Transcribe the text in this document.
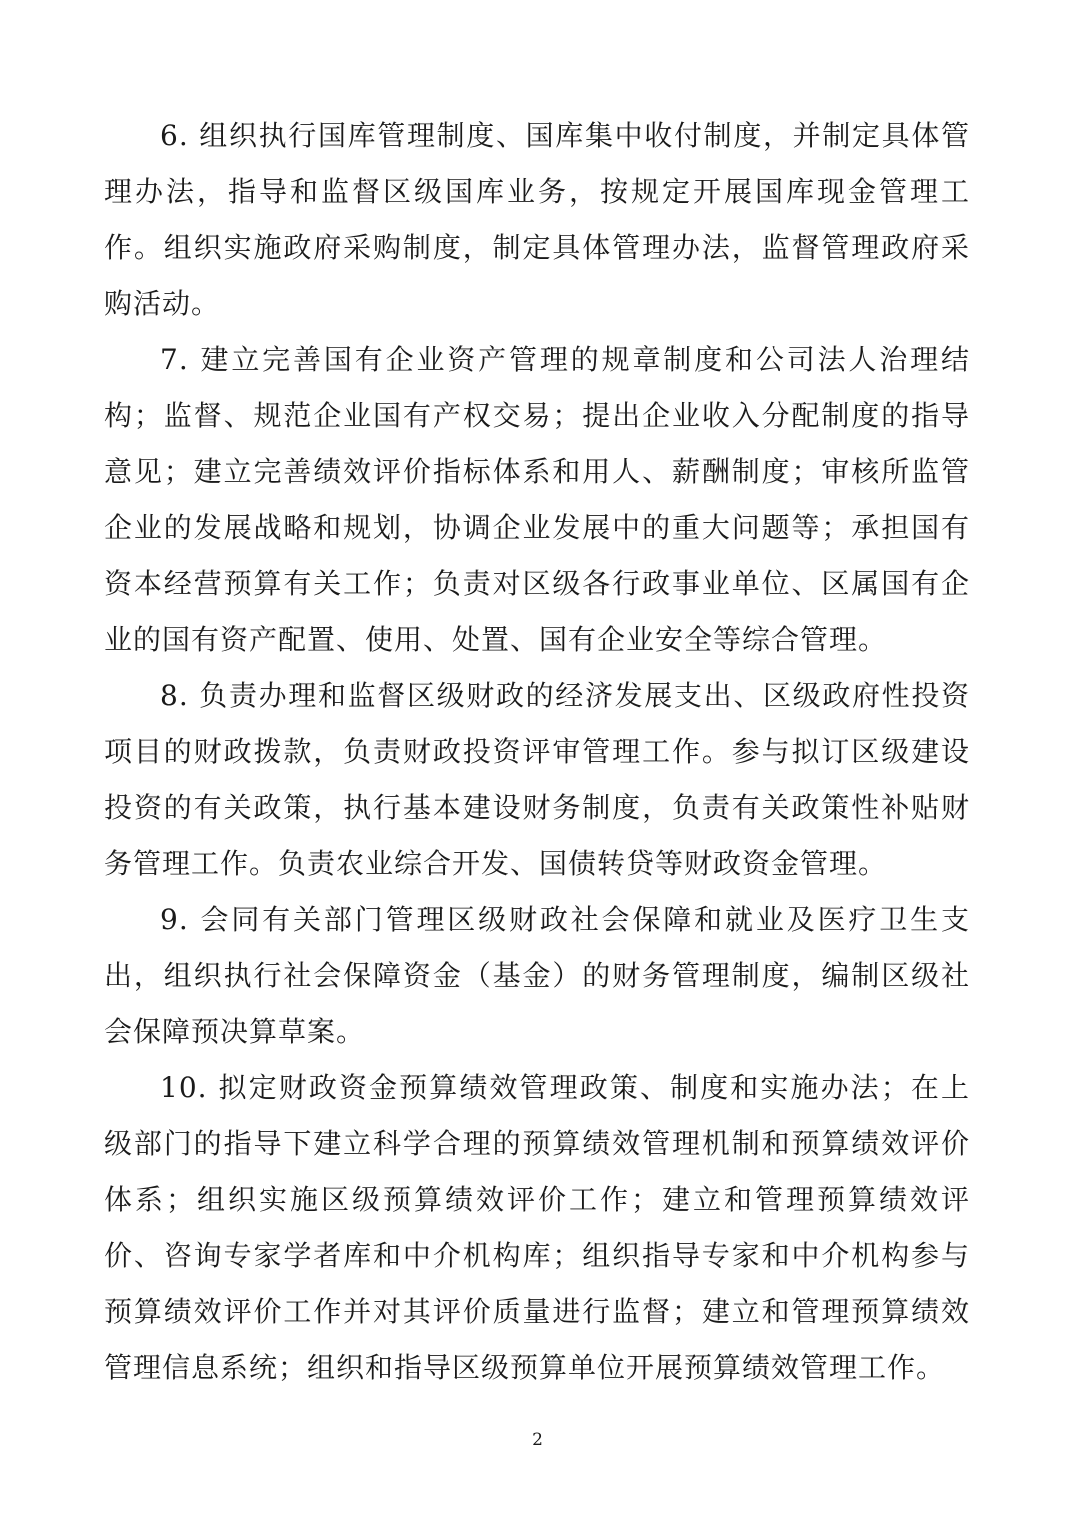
6. 组织执行国库管理制度、国库集中收付制度，并制定具体管理办法，指导和监督区级国库业务，按规定开展国库现金管理工作。组织实施政府采购制度，制定具体管理办法，监督管理政府采购活动。

7. 建立完善国有企业资产管理的规章制度和公司法人治理结构；监督、规范企业国有产权交易；提出企业收入分配制度的指导意见；建立完善绩效评价指标体系和用人、薪酬制度；审核所监管企业的发展战略和规划，协调企业发展中的重大问题等；承担国有资本经营预算有关工作；负责对区级各行政事业单位、区属国有企业的国有资产配置、使用、处置、国有企业安全等综合管理。

8. 负责办理和监督区级财政的经济发展支出、区级政府性投资项目的财政拨款，负责财政投资评审管理工作。参与拟订区级建设投资的有关政策，执行基本建设财务制度，负责有关政策性补贴财务管理工作。负责农业综合开发、国债转贷等财政资金管理。

9. 会同有关部门管理区级财政社会保障和就业及医疗卫生支出，组织执行社会保障资金（基金）的财务管理制度，编制区级社会保障预决算草案。

10. 拟定财政资金预算绩效管理政策、制度和实施办法；在上级部门的指导下建立科学合理的预算绩效管理机制和预算绩效评价体系；组织实施区级预算绩效评价工作；建立和管理预算绩效评价、咨询专家学者库和中介机构库；组织指导专家和中介机构参与预算绩效评价工作并对其评价质量进行监督；建立和管理预算绩效管理信息系统；组织和指导区级预算单位开展预算绩效管理工作。

2
